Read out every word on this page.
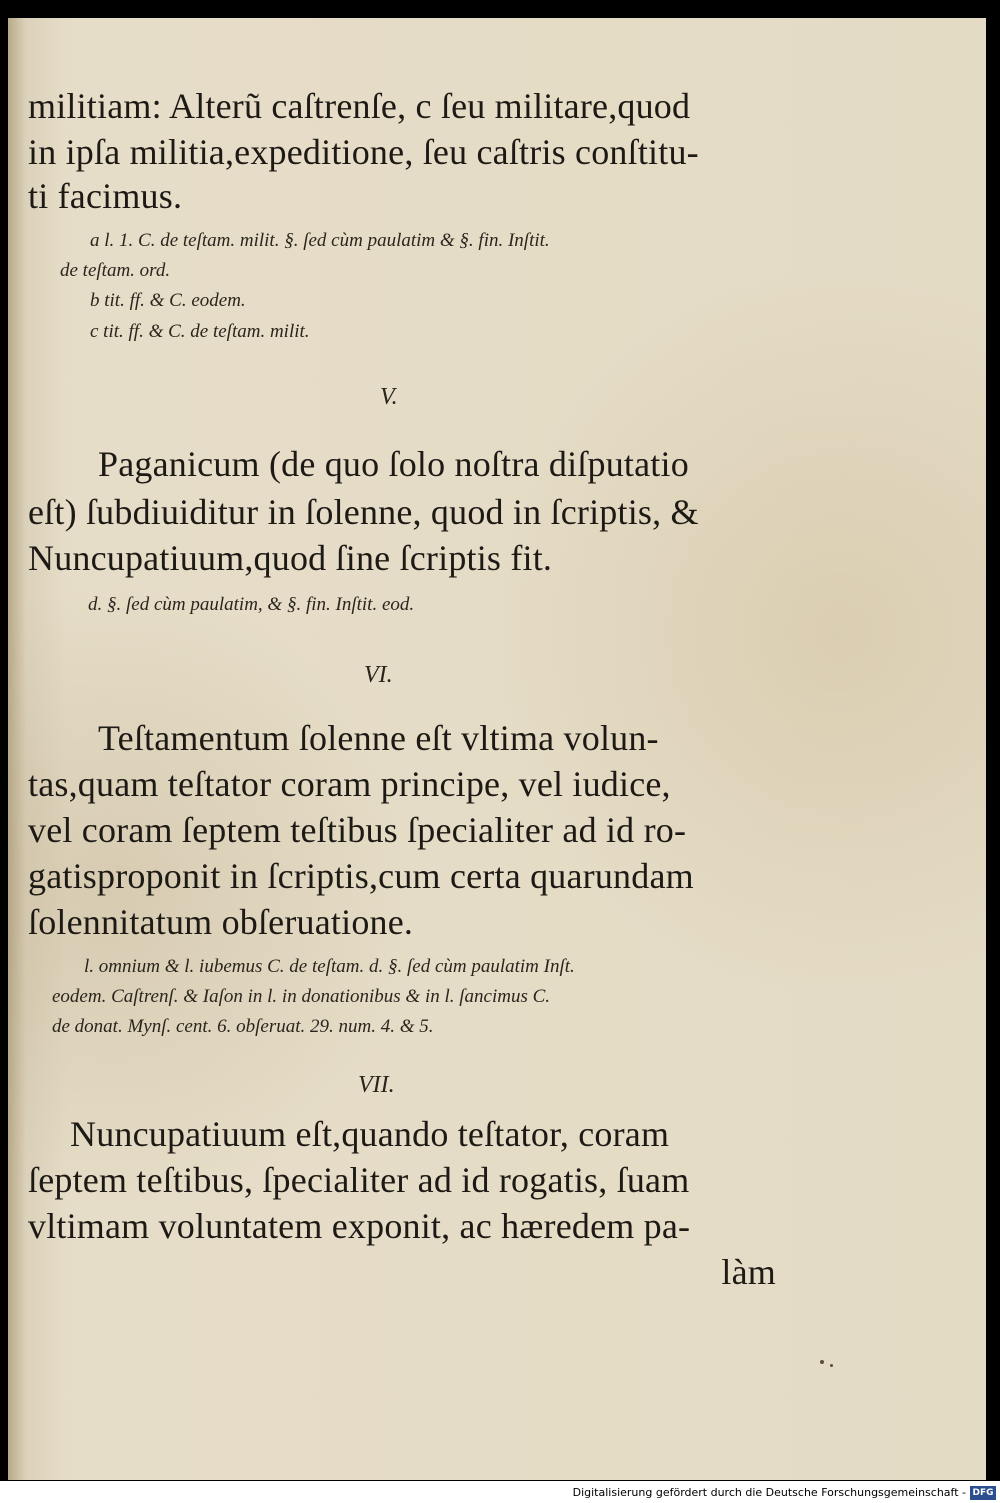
militiam: Alterũ caſtrenſe, c ſeu militare,quod
in ipſa militia,expeditione, ſeu caſtris conſtitu-
ti facimus.
a l. 1. C. de teſtam. milit. §. ſed cùm paulatim & §. fin. Inſtit.
de teſtam. ord.
b tit. ff. & C. eodem.
c tit. ff. & C. de teſtam. milit.
V.
Paganicum (de quo ſolo noſtra diſputatio
eſt) ſubdiuiditur in ſolenne, quod in ſcriptis, &
Nuncupatiuum,quod ſine ſcriptis fit.
d. §. ſed cùm paulatim, & §. fin. Inſtit. eod.
VI.
Teſtamentum ſolenne eſt vltima volun-
tas,quam teſtator coram principe, vel iudice,
vel coram ſeptem teſtibus ſpecialiter ad id ro-
gatisproponit in ſcriptis,cum certa quarundam
ſolennitatum obſeruatione.
l. omnium & l. iubemus C. de teſtam. d. §. ſed cùm paulatim Inſt.
eodem. Caſtrenſ. & Iaſon in l. in donationibus & in l. ſancimus C.
de donat. Mynſ. cent. 6. obſeruat. 29. num. 4. & 5.
VII.
Nuncupatiuum eſt,quando teſtator, coram
ſeptem teſtibus, ſpecialiter ad id rogatis, ſuam
vltimam voluntatem exponit, ac hæredem pa-
làm
Digitalisierung gefördert durch die Deutsche Forschungsgemeinschaft - DFG
